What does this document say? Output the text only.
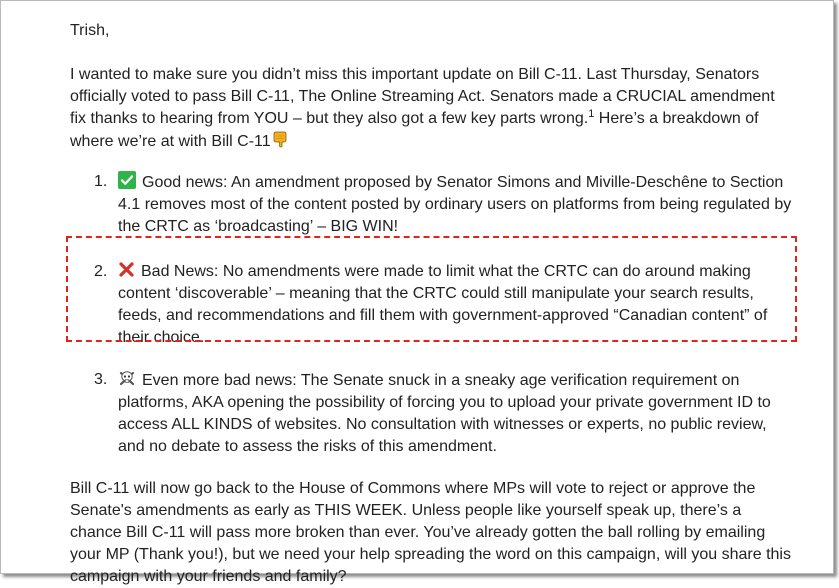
Trish,

I wanted to make sure you didn’t miss this important update on Bill C-11. Last Thursday, Senators officially voted to pass Bill C-11, The Online Streaming Act. Senators made a CRUCIAL amendment fix thanks to hearing from YOU – but they also got a few key parts wrong.$^1$ Here’s a breakdown of where we’re at with Bill C-11

1. Good news: An amendment proposed by Senator Simons and Miville-Deschêne to Section 4.1 removes most of the content posted by ordinary users on platforms from being regulated by the CRTC as ‘broadcasting’ – BIG WIN!
2. Bad News: No amendments were made to limit what the CRTC can do around making content ‘discoverable’ – meaning that the CRTC could still manipulate your search results, feeds, and recommendations and fill them with government-approved “Canadian content” of their choice.
3. Even more bad news: The Senate snuck in a sneaky age verification requirement on platforms, AKA opening the possibility of forcing you to upload your private government ID to access ALL KINDS of websites. No consultation with witnesses or experts, no public review, and no debate to assess the risks of this amendment.

Bill C-11 will now go back to the House of Commons where MPs will vote to reject or approve the Senate's amendments as early as THIS WEEK. Unless people like yourself speak up, there’s a chance Bill C-11 will pass more broken than ever. You’ve already gotten the ball rolling by emailing your MP (Thank you!), but we need your help spreading the word on this campaign, will you share this campaign with your friends and family?
